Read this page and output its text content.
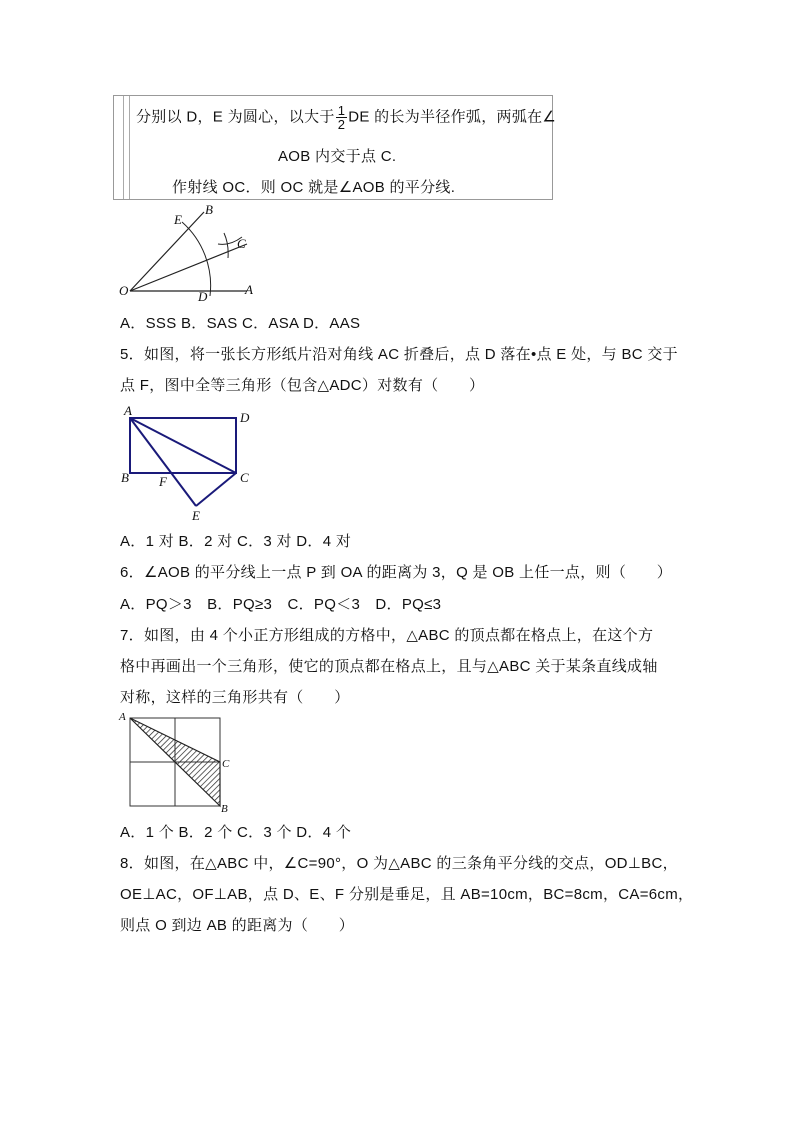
分别以 D，E 为圆心，以大于 $\frac{1}{2}$ DE 的长为半径作弧，两弧在∠
AOB 内交于点 C.
作射线 OC．则 OC 就是∠AOB 的平分线.
O	A
B
C
D
E
A．SSS B．SAS C．ASA D．AAS
5．如图，将一张长方形纸片沿对角线 AC 折叠后，点 D 落在•点 E 处，与 BC 交于
点 F，图中全等三角形（包含△ADC）对数有（　　）
A	D
B	C
F
E
A．1 对 B．2 对 C．3 对 D．4 对
6．∠AOB 的平分线上一点 P 到 OA 的距离为 3，Q 是 OB 上任一点，则（　　）
A．PQ＞3　B．PQ≥3　C．PQ＜3　D．PQ≤3
7．如图，由 4 个小正方形组成的方格中，△ABC 的顶点都在格点上，在这个方
格中再画出一个三角形，使它的顶点都在格点上，且与△ABC 关于某条直线成轴
对称，这样的三角形共有（　　）
A
C
B
A．1 个 B．2 个 C．3 个 D．4 个
8．如图，在△ABC 中，∠C=90°，O 为△ABC 的三条角平分线的交点，OD⊥BC，
OE⊥AC，OF⊥AB，点 D、E、F 分别是垂足，且 AB=10cm，BC=8cm，CA=6cm，
则点 O 到边 AB 的距离为（　　）
